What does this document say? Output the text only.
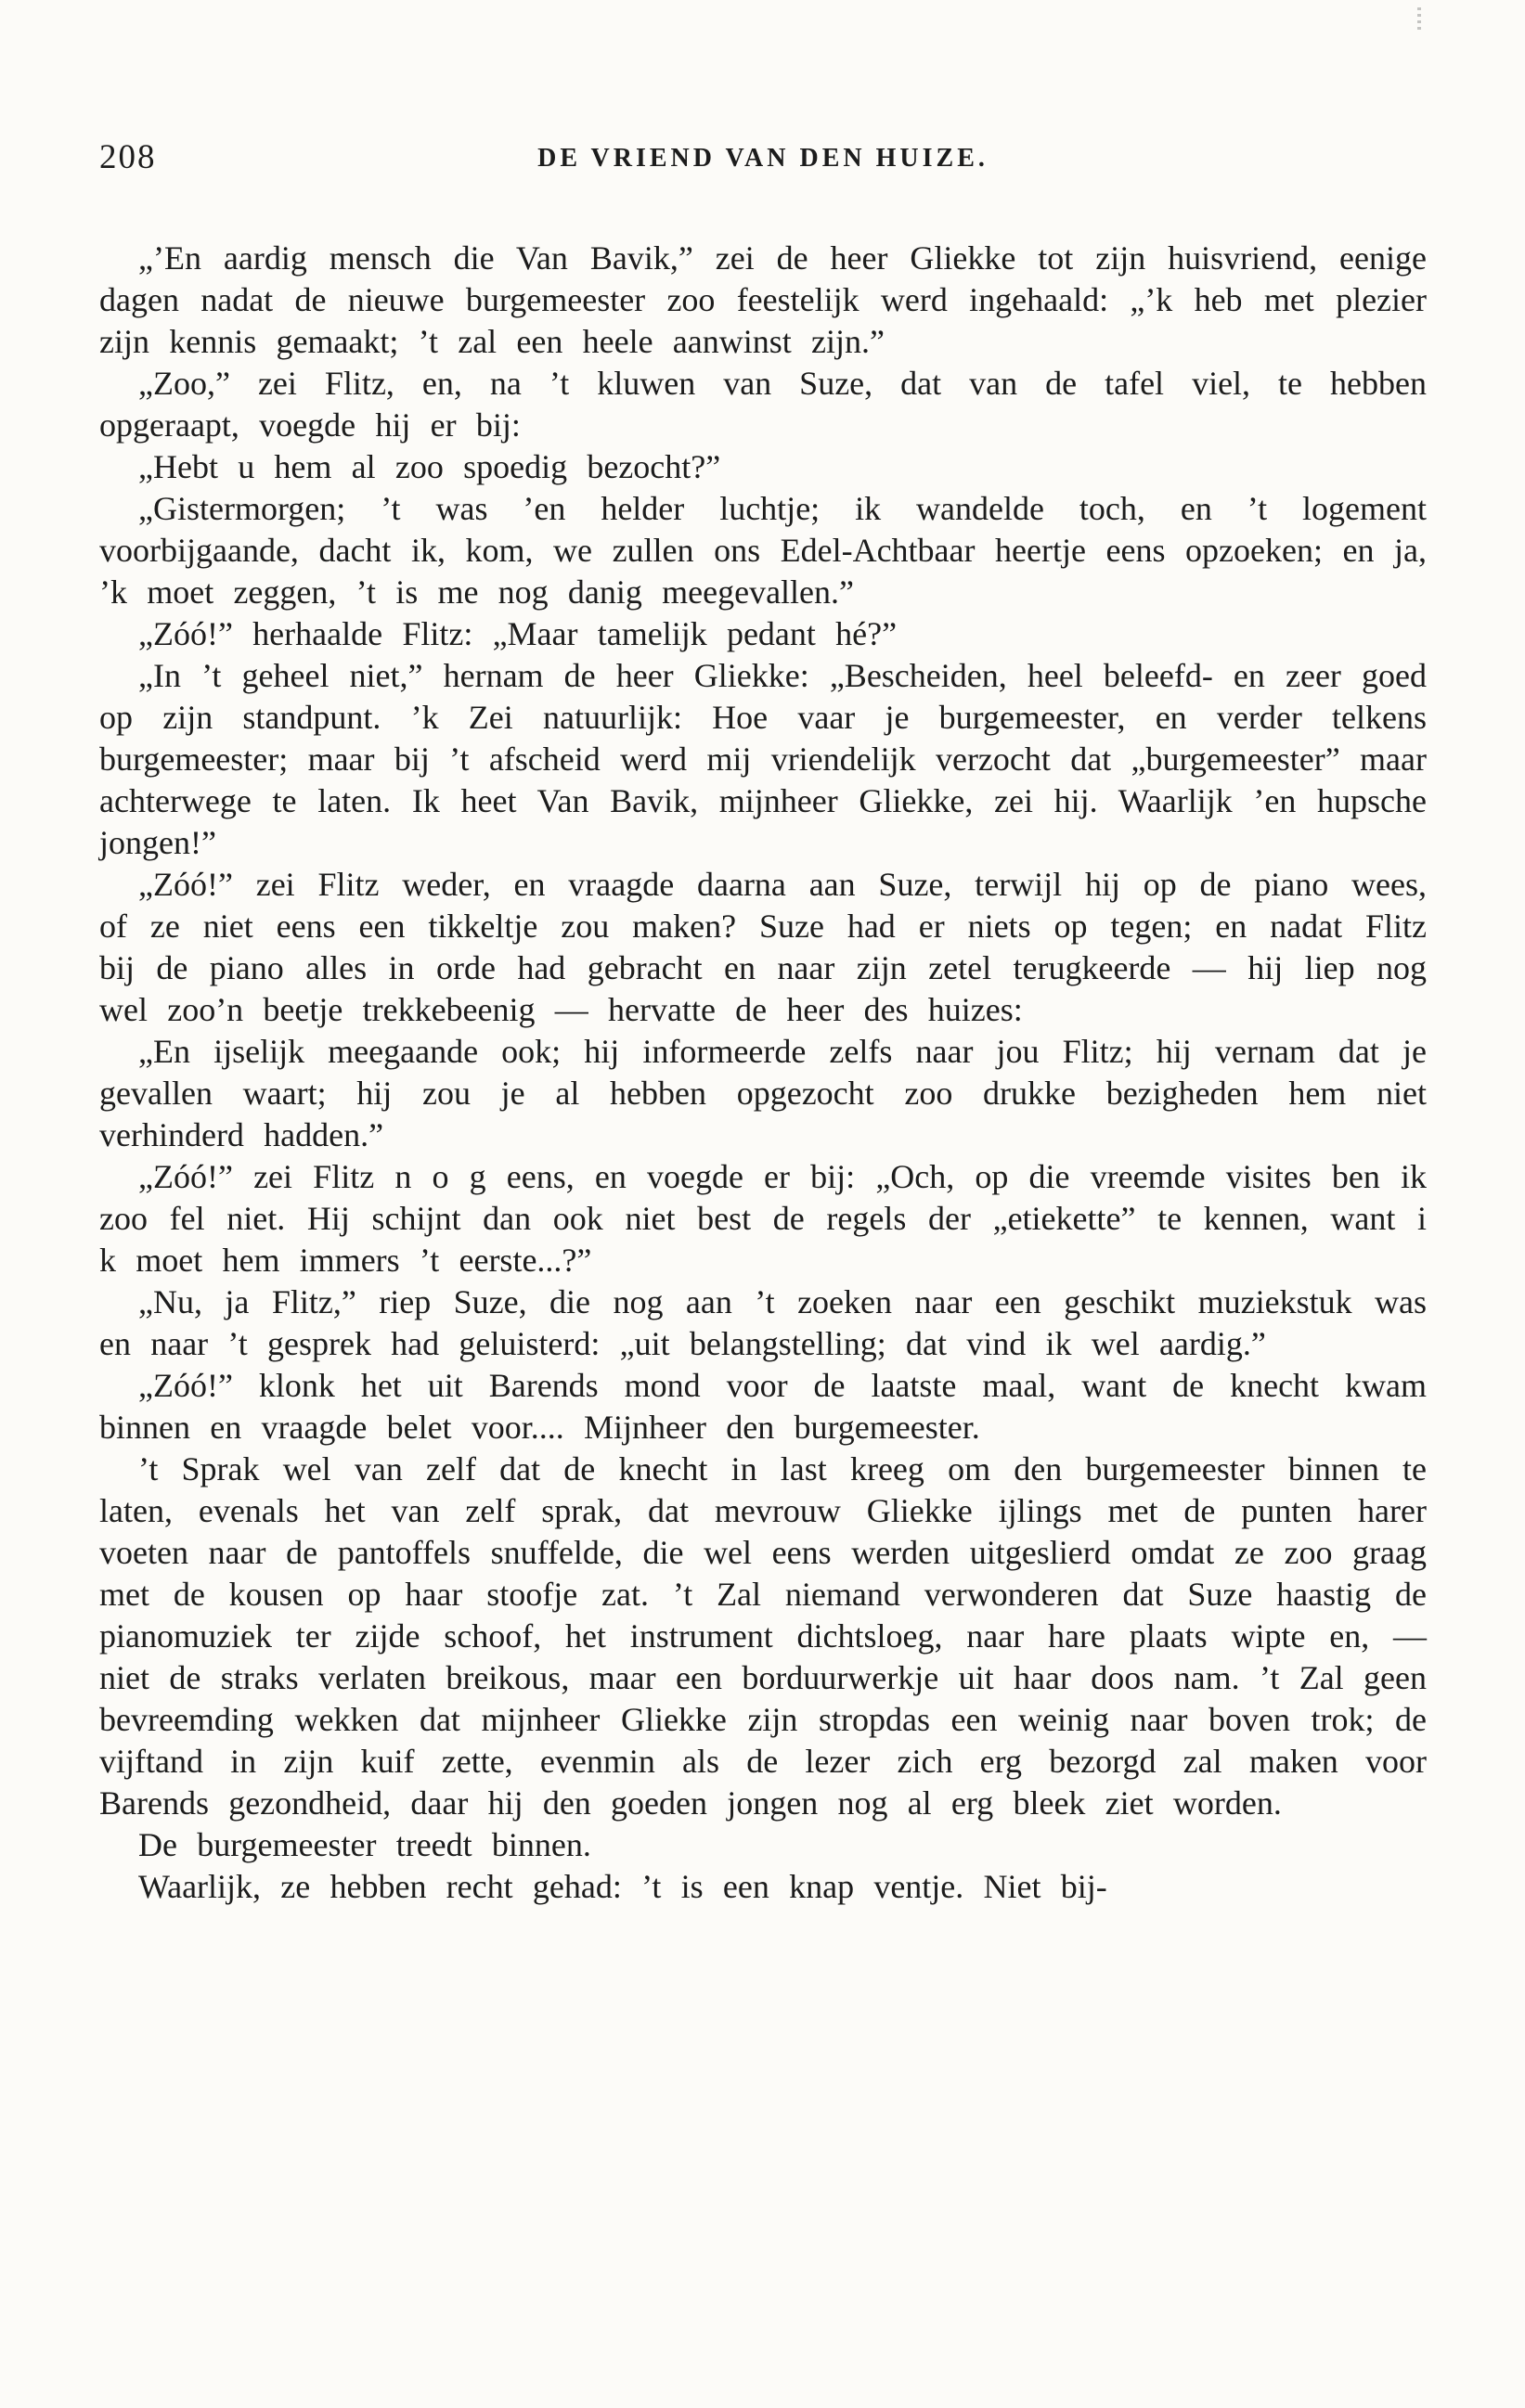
208	DE VRIEND VAN DEN HUIZE.

„’En aardig mensch die Van Bavik,” zei de heer Gliekke tot zijn huisvriend, eenige dagen nadat de nieuwe burgemeester zoo feestelijk werd ingehaald: „’k heb met plezier zijn kennis gemaakt; ’t zal een heele aanwinst zijn.”

„Zoo,” zei Flitz, en, na ’t kluwen van Suze, dat van de tafel viel, te hebben opgeraapt, voegde hij er bij:

„Hebt u hem al zoo spoedig bezocht?”

„Gistermorgen; ’t was ’en helder luchtje; ik wandelde toch, en ’t logement voorbijgaande, dacht ik, kom, we zullen ons Edel-Achtbaar heertje eens opzoeken; en ja, ’k moet zeggen, ’t is me nog danig meegevallen.”

„Zóó!” herhaalde Flitz: „Maar tamelijk pedant hé?”

„In ’t geheel niet,” hernam de heer Gliekke: „Bescheiden, heel beleefd- en zeer goed op zijn standpunt. ’k Zei natuurlijk: Hoe vaar je burgemeester, en verder telkens burgemeester; maar bij ’t afscheid werd mij vriendelijk verzocht dat „burgemeester” maar achterwege te laten. Ik heet Van Bavik, mijnheer Gliekke, zei hij. Waarlijk ’en hupsche jongen!”

„Zóó!” zei Flitz weder, en vraagde daarna aan Suze, terwijl hij op de piano wees, of ze niet eens een tikkeltje zou maken? Suze had er niets op tegen; en nadat Flitz bij de piano alles in orde had gebracht en naar zijn zetel terugkeerde — hij liep nog wel zoo’n beetje trekkebeenig — hervatte de heer des huizes:

„En ijselijk meegaande ook; hij informeerde zelfs naar jou Flitz; hij vernam dat je gevallen waart; hij zou je al hebben opgezocht zoo drukke bezigheden hem niet verhinderd hadden.”

„Zóó!” zei Flitz n o g eens, en voegde er bij: „Och, op die vreemde visites ben ik zoo fel niet. Hij schijnt dan ook niet best de regels der „etiekette” te kennen, want i k moet hem immers ’t eerste...?”

„Nu, ja Flitz,” riep Suze, die nog aan ’t zoeken naar een geschikt muziekstuk was en naar ’t gesprek had geluisterd: „uit belangstelling; dat vind ik wel aardig.”

„Zóó!” klonk het uit Barends mond voor de laatste maal, want de knecht kwam binnen en vraagde belet voor.... Mijnheer den burgemeester.

’t Sprak wel van zelf dat de knecht in last kreeg om den burgemeester binnen te laten, evenals het van zelf sprak, dat mevrouw Gliekke ijlings met de punten harer voeten naar de pantoffels snuffelde, die wel eens werden uitgeslierd omdat ze zoo graag met de kousen op haar stoofje zat. ’t Zal niemand verwonderen dat Suze haastig de pianomuziek ter zijde schoof, het instrument dichtsloeg, naar hare plaats wipte en, — niet de straks verlaten breikous, maar een borduurwerkje uit haar doos nam. ’t Zal geen bevreemding wekken dat mijnheer Gliekke zijn stropdas een weinig naar boven trok; de vijftand in zijn kuif zette, evenmin als de lezer zich erg bezorgd zal maken voor Barends gezondheid, daar hij den goeden jongen nog al erg bleek ziet worden.

De burgemeester treedt binnen.

Waarlijk, ze hebben recht gehad: ’t is een knap ventje. Niet bij-
